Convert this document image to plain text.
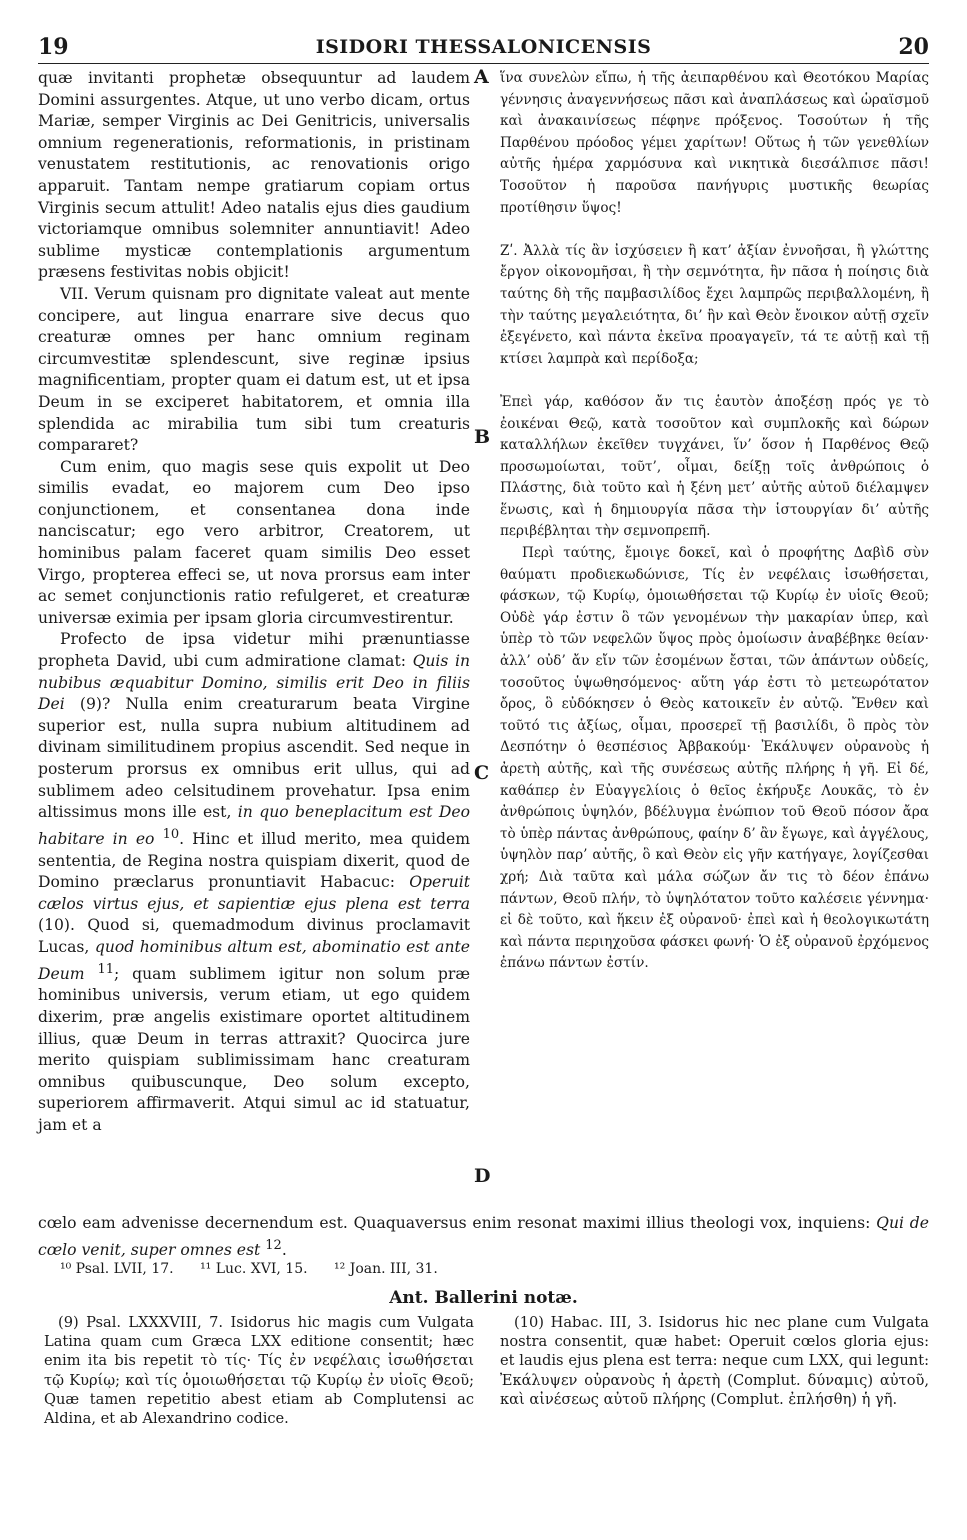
19	ISIDORI THESSALONICENSIS	20

quæ invitanti prophetæ obsequuntur ad laudem Domini assurgentes. Atque, ut uno verbo dicam, ortus Mariæ, semper Virginis ac Dei Genitricis, universalis omnium regenerationis, reformationis, in pristinam venustatem restitutionis, ac renovationis origo apparuit. Tantam nempe gratiarum copiam ortus Virginis secum attulit! Adeo natalis ejus dies gaudium victoriamque omnibus solemniter annuntiavit! Adeo sublime mysticæ contemplationis argumentum præsens festivitas nobis objicit!

VII. Verum quisnam pro dignitate valeat aut mente concipere, aut lingua enarrare sive decus quo creaturæ omnes per hanc omnium reginam circumvestitæ splendescunt, sive reginæ ipsius magnificentiam, propter quam ei datum est, ut et ipsa Deum in se exciperet habitatorem, et omnia illa splendida ac mirabilia tum sibi tum creaturis compararet?

Cum enim, quo magis sese quis expolit ut Deo similis evadat, eo majorem cum Deo ipso conjunctionem, et consentanea dona inde nanciscatur; ego vero arbitror, Creatorem, ut hominibus palam faceret quam similis Deo esset Virgo, propterea effeci se, ut nova prorsus eam inter ac semet conjunctionis ratio refulgeret, et creaturæ universæ eximia per ipsam gloria circumvestirentur.

Profecto de ipsa videtur mihi prænuntiasse propheta David, ubi cum admiratione clamat: Quis in nubibus æquabitur Domino, similis erit Deo in filiis Dei (9)? Nulla enim creaturarum beata Virgine superior est, nulla supra nubium altitudinem ad divinam similitudinem propius ascendit. Sed neque in posterum prorsus ex omnibus erit ullus, qui ad sublimem adeo celsitudinem provehatur. Ipsa enim altissimus mons ille est, in quo beneplacitum est Deo habitare in eo $^{10}$. Hinc et illud merito, mea quidem sententia, de Regina nostra quispiam dixerit, quod de Domino præclarus pronuntiavit Habacuc: Operuit cælos virtus ejus, et sapientiæ ejus plena est terra (10). Quod si, quemadmodum divinus proclamavit Lucas, quod hominibus altum est, abominatio est ante Deum $^{11}$; quam sublimem igitur non solum præ hominibus universis, verum etiam, ut ego quidem dixerim, præ angelis existimare oportet altitudinem illius, quæ Deum in terras attraxit? Quocirca jure merito quispiam sublimissimam hanc creaturam omnibus quibuscunque, Deo solum excepto, superiorem affirmaverit. Atqui simul ac id statuatur, jam et a

A
B
C
D

ἵνα συνελὼν εἴπω, ἡ τῆς ἀειπαρθένου καὶ Θεοτόκου Μαρίας γέννησις ἀναγεννήσεως πᾶσι καὶ ἀναπλάσεως καὶ ὡραϊσμοῦ καὶ ἀνακαινίσεως πέφηνε πρόξενος. Τοσούτων ἡ τῆς Παρθένου πρόοδος γέμει χαρίτων! Οὕτως ἡ τῶν γενεθλίων αὐτῆς ἡμέρα χαρμόσυνα καὶ νικητικὰ διεσάλπισε πᾶσι! Τοσοῦτον ἡ παροῦσα πανήγυρις μυστικῆς θεωρίας προτίθησιν ὕψος!

Ζʹ. Ἀλλὰ τίς ἂν ἰσχύσειεν ἢ κατ’ ἀξίαν ἐννοῆσαι, ἢ γλώττης ἔργον οἰκονομῆσαι, ἢ τὴν σεμνότητα, ἣν πᾶσα ἡ ποίησις διὰ ταύτης δὴ τῆς παμβασιλίδος ἔχει λαμπρῶς περιβαλλομένη, ἢ τὴν ταύτης μεγαλειότητα, δι’ ἣν καὶ Θεὸν ἔνοικον αὐτῇ σχεῖν ἐξεγένετο, καὶ πάντα ἐκεῖνα προαγαγεῖν, τά τε αὐτῇ καὶ τῇ κτίσει λαμπρὰ καὶ περίδοξα;

Ἐπεὶ γάρ, καθόσον ἄν τις ἑαυτὸν ἀποξέσῃ πρός γε τὸ ἐοικέναι Θεῷ, κατὰ τοσοῦτον καὶ συμπλοκῆς καὶ δώρων καταλλήλων ἐκεῖθεν τυγχάνει, ἵν’ ὅσον ἡ Παρθένος Θεῷ προσωμοίωται, τοῦτ’, οἶμαι, δείξῃ τοῖς ἀνθρώποις ὁ Πλάστης, διὰ τοῦτο καὶ ἡ ξένη μετ’ αὐτῆς αὐτοῦ διέλαμψεν ἕνωσις, καὶ ἡ δημιουργία πᾶσα τὴν ἱστουργίαν δι’ αὐτῆς περιβέβληται τὴν σεμνοπρεπῆ.

Περὶ ταύτης, ἔμοιγε δοκεῖ, καὶ ὁ προφήτης Δαβὶδ σὺν θαύματι προδιεκωδώνισε, Τίς ἐν νεφέλαις ἰσωθήσεται, φάσκων, τῷ Κυρίῳ, ὁμοιωθήσεται τῷ Κυρίῳ ἐν υἱοῖς Θεοῦ; Οὐδὲ γάρ ἐστιν ὃ τῶν γενομένων τὴν μακαρίαν ὑπερ, καὶ ὑπὲρ τὸ τῶν νεφελῶν ὕψος πρὸς ὁμοίωσιν ἀναβέβηκε θείαν· ἀλλ’ οὐδ’ ἄν εἴν τῶν ἐσομένων ἔσται, τῶν ἁπάντων οὐδείς, τοσοῦτος ὑψωθησόμενος· αὕτη γάρ ἐστι τὸ μετεωρότατον ὄρος, ὃ εὐδόκησεν ὁ Θεὸς κατοικεῖν ἐν αὐτῷ. Ἔνθεν καὶ τοῦτό τις ἀξίως, οἶμαι, προσερεῖ τῇ βασιλίδι, ὃ πρὸς τὸν Δεσπότην ὁ θεσπέσιος Ἀββακούμ· Ἐκάλυψεν οὐρανοὺς ἡ ἀρετὴ αὐτῆς, καὶ τῆς συνέσεως αὐτῆς πλήρης ἡ γῆ. Εἰ δέ, καθάπερ ἐν Εὐαγγελίοις ὁ θεῖος ἐκήρυξε Λουκᾶς, τὸ ἐν ἀνθρώποις ὑψηλόν, βδέλυγμα ἐνώπιον τοῦ Θεοῦ πόσον ἄρα τὸ ὑπὲρ πάντας ἀνθρώπους, φαίην δ’ ἂν ἔγωγε, καὶ ἀγγέλους, ὑψηλὸν παρ’ αὐτῆς, ὃ καὶ Θεὸν εἰς γῆν κατήγαγε, λογίζεσθαι χρή; Διὰ ταῦτα καὶ μάλα σώζων ἄν τις τὸ δέον ἐπάνω πάντων, Θεοῦ πλήν, τὸ ὑψηλότατον τοῦτο καλέσειε γέννημα· εἰ δὲ τοῦτο, καὶ ἥκειν ἐξ οὐρανοῦ· ἐπεὶ καὶ ἡ θεολογικωτάτη καὶ πάντα περιηχοῦσα φάσκει φωνή· Ὁ ἐξ οὐρανοῦ ἐρχόμενος ἐπάνω πάντων ἐστίν.

cœlo eam advenisse decernendum est. Quaquaversus enim resonat maximi illius theologi vox, inquiens: Qui de cœlo venit, super omnes est $^{12}$.
¹⁰ Psal. LVII, 17. ¹¹ Luc. XVI, 15. ¹² Joan. III, 31.
Ant. Ballerini notæ.

(9) Psal. LXXXVIII, 7. Isidorus hic magis cum Vulgata Latina quam cum Græca LXX editione consentit; hæc enim ita bis repetit τὸ τίς· Τίς ἐν νεφέλαις ἰσωθήσεται τῷ Κυρίῳ; καὶ τίς ὁμοιωθήσεται τῷ Κυρίῳ ἐν υἱοῖς Θεοῦ; Quæ tamen repetitio abest etiam ab Complutensi ac Aldina, et ab Alexandrino codice.

(10) Habac. III, 3. Isidorus hic nec plane cum Vulgata nostra consentit, quæ habet: Operuit cœlos gloria ejus: et laudis ejus plena est terra: neque cum LXX, qui legunt: Ἐκάλυψεν οὐρανοὺς ἡ ἀρετὴ (Complut. δύναμις) αὐτοῦ, καὶ αἰνέσεως αὐτοῦ πλήρης (Complut. ἐπλήσθη) ἡ γῆ.
